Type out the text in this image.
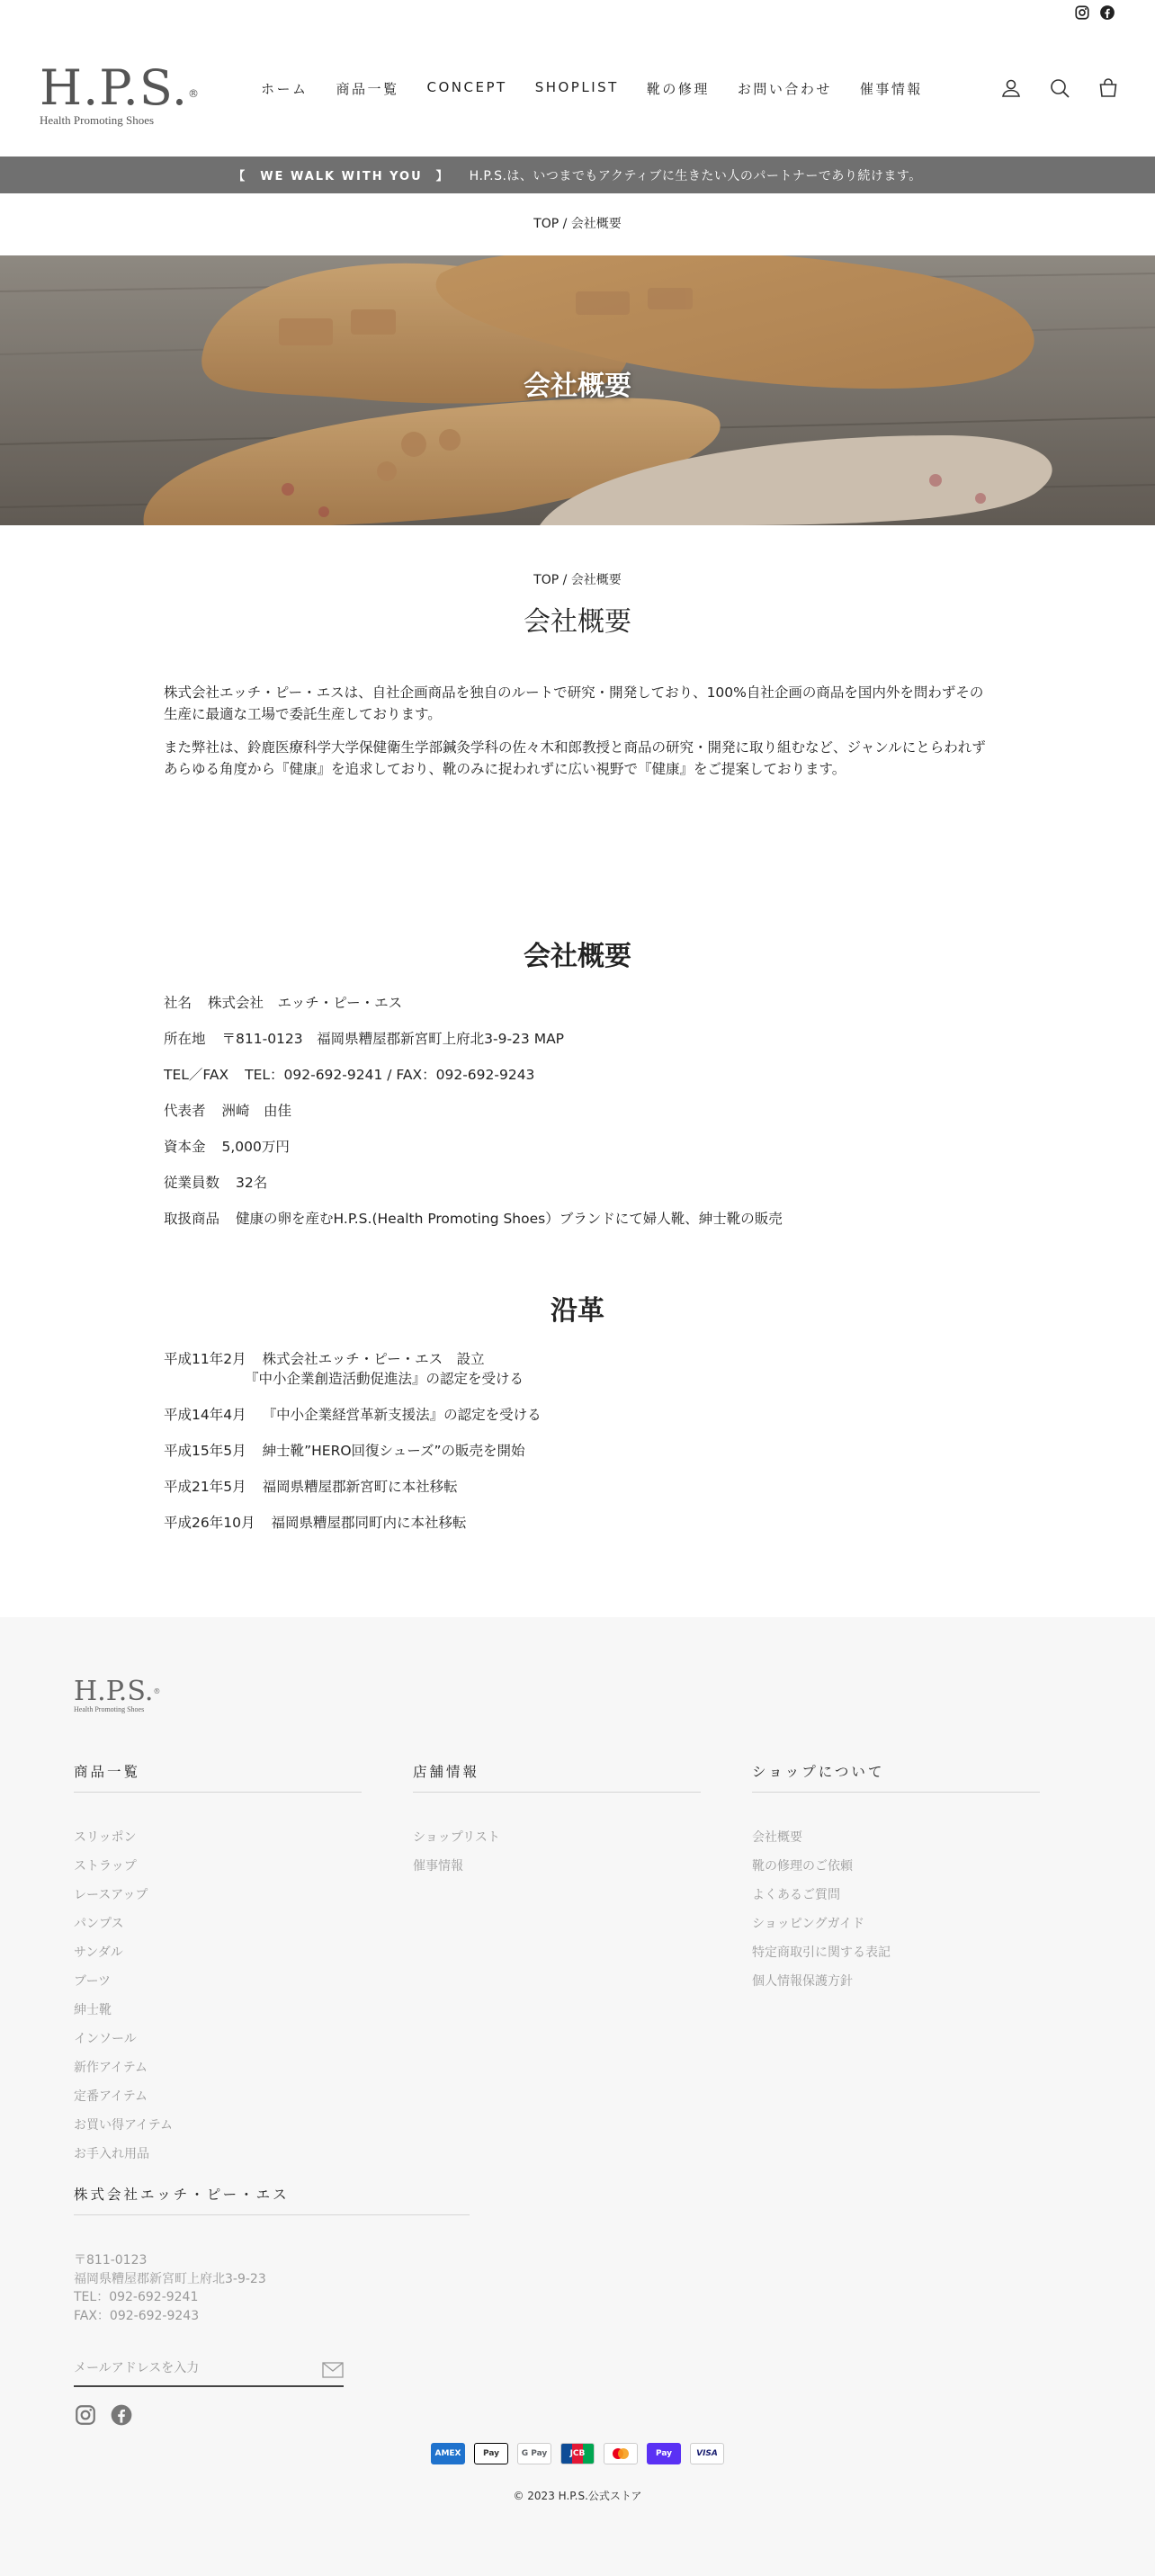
H.P.S.®
Health Promoting Shoes
ホーム 商品一覧 CONCEPT SHOPLIST 靴の修理 お問い合わせ 催事情報
【　WE WALK WITH YOU　】 H.P.S.は、いつまでもアクティブに生きたい人のパートナーであり続けます。
TOP / 会社概要
会社概要
TOP / 会社概要
会社概要

株式会社エッチ・ピー・エスは、自社企画商品を独自のルートで研究・開発しており、100%自社企画の商品を国内外を問わずその生産に最適な工場で委託生産しております。

また弊社は、鈴鹿医療科学大学保健衛生学部鍼灸学科の佐々木和郎教授と商品の研究・開発に取り組むなど、ジャンルにとらわれずあらゆる角度から『健康』を追求しており、靴のみに捉われずに広い視野で『健康』をご提案しております。

会社概要
社名 株式会社　エッチ・ピー・エス
所在地 〒811-0123　福岡県糟屋郡新宮町上府北3-9-23 MAP
TEL／FAX TEL：092-692-9241 / FAX：092-692-9243
代表者 洲崎　由佳
資本金 5,000万円
従業員数 32名
取扱商品 健康の卵を産むH.P.S.(Health Promoting Shoes）ブランドにて婦人靴、紳士靴の販売
沿革
平成11年2月 株式会社エッチ・ピー・エス　設立
『中小企業創造活動促進法』の認定を受ける
平成14年4月 『中小企業経営革新支援法』の認定を受ける
平成15年5月 紳士靴”HERO回復シューズ”の販売を開始
平成21年5月 福岡県糟屋郡新宮町に本社移転
平成26年10月 福岡県糟屋郡同町内に本社移転
H.P.S.®
Health Promoting Shoes
商品一覧
スリッポン
ストラップ
レースアップ
パンプス
サンダル
ブーツ
紳士靴
インソール
新作アイテム
定番アイテム
お買い得アイテム
お手入れ用品
店舗情報
ショップリスト
催事情報
ショップについて
会社概要
靴の修理のご依頼
よくあるご質問
ショッピングガイド
特定商取引に関する表記
個人情報保護方針
株式会社エッチ・ピー・エス
〒811-0123
福岡県糟屋郡新宮町上府北3-9-23
TEL：092-692-9241
FAX：092-692-9243
メールアドレスを入力
AMEX	Pay	G Pay	JCB	Pay	VISA
© 2023 H.P.S.公式ストア
